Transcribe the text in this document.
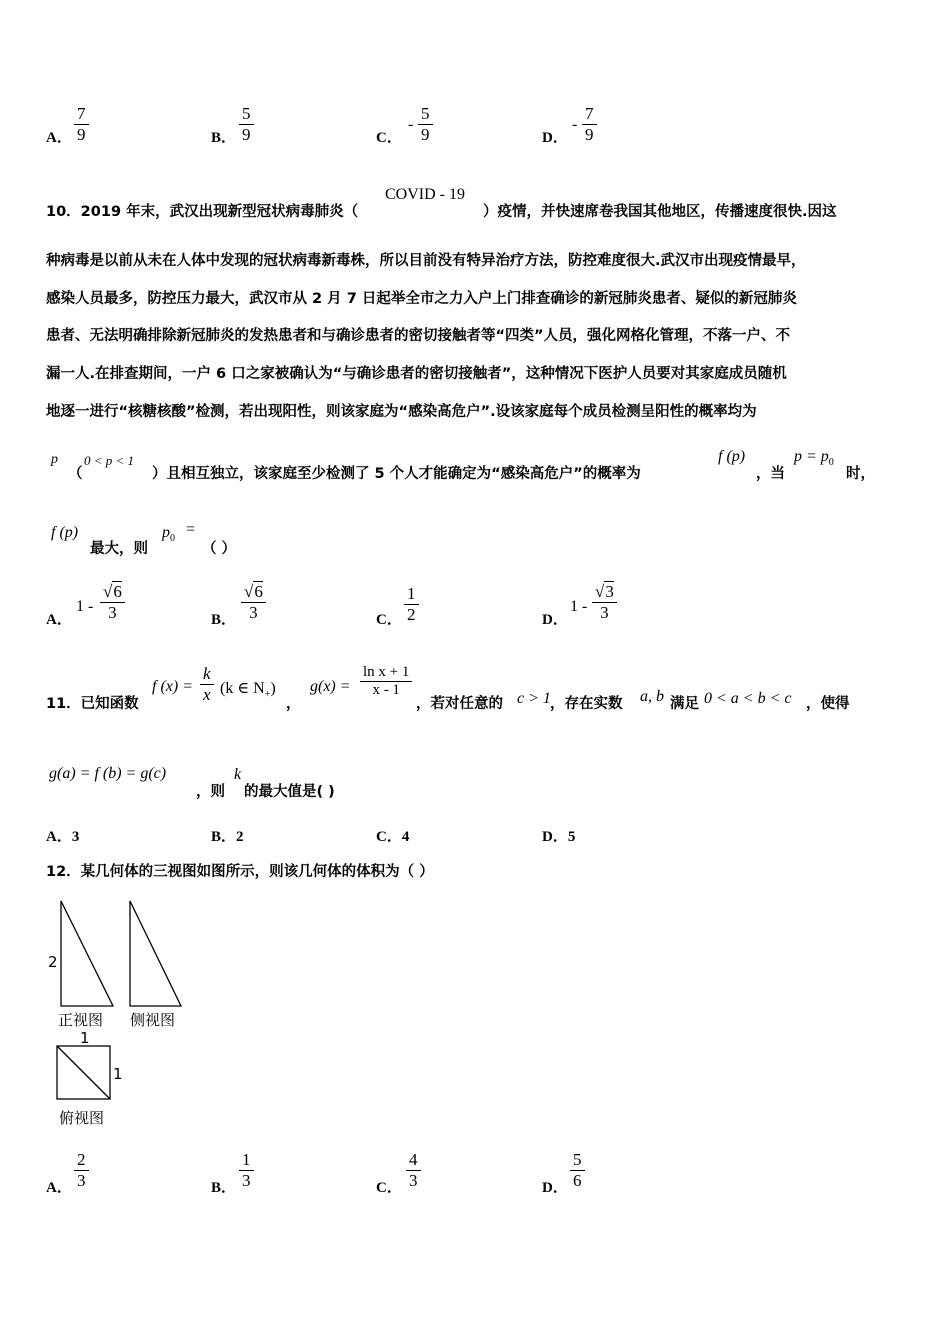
A． $\frac{7}{9}$	B． $\frac{5}{9}$	C．
- $\frac{5}{9}$	D．
- $\frac{7}{9}$
10．2019 年末，武汉出现新型冠状病毒肺炎（
COVID - 19
）疫情，并快速席卷我国其他地区，传播速度很快.因这
种病毒是以前从未在人体中发现的冠状病毒新毒株，所以目前没有特异治疗方法，防控难度很大.武汉市出现疫情最早，
感染人员最多，防控压力最大，武汉市从 2 月 7 日起举全市之力入户上门排查确诊的新冠肺炎患者、疑似的新冠肺炎
患者、无法明确排除新冠肺炎的发热患者和与确诊患者的密切接触者等“四类”人员，强化网格化管理，不落一户、不
漏一人.在排查期间，一户 6 口之家被确认为“与确诊患者的密切接触者”，这种情况下医护人员要对其家庭成员随机
地逐一进行“核糖核酸”检测，若出现阳性，则该家庭为“感染高危户”.设该家庭每个成员检测呈阳性的概率均为
p
（
0 < p < 1
）且相互独立，该家庭至少检测了 5 个人才能确定为“感染高危户”的概率为
f (p)
，当
$p = p_0$
时，
f (p)
最大，则
$p_0$
=
（ ）
A．
$1 - \frac{√6}{3}$	B． $\frac{√6}{3}$	C． $\frac{1}{2}$	D．
$1 - \frac{√3}{3}$
11．已知函数
f $(x) = \frac{k}{x} (k$ ∈ $N_+$)
，
$g(x) = \frac{\text{ln x + 1}}{x - 1}$
，若对任意的 c > 1 ，存在实数 a, b 满足 0 < a < b < c ，使得
g(a) = f (b) = g(c)
，则
k
的最大值是( )
A．3	B．2	C．4	D．5
12．某几何体的三视图如图所示，则该几何体的体积为（ ）
2
正视图 侧视图
1
1
俯视图
A． $\frac{2}{3}$	B． $\frac{1}{3}$	C． $\frac{4}{3}$	D． $\frac{5}{6}$
